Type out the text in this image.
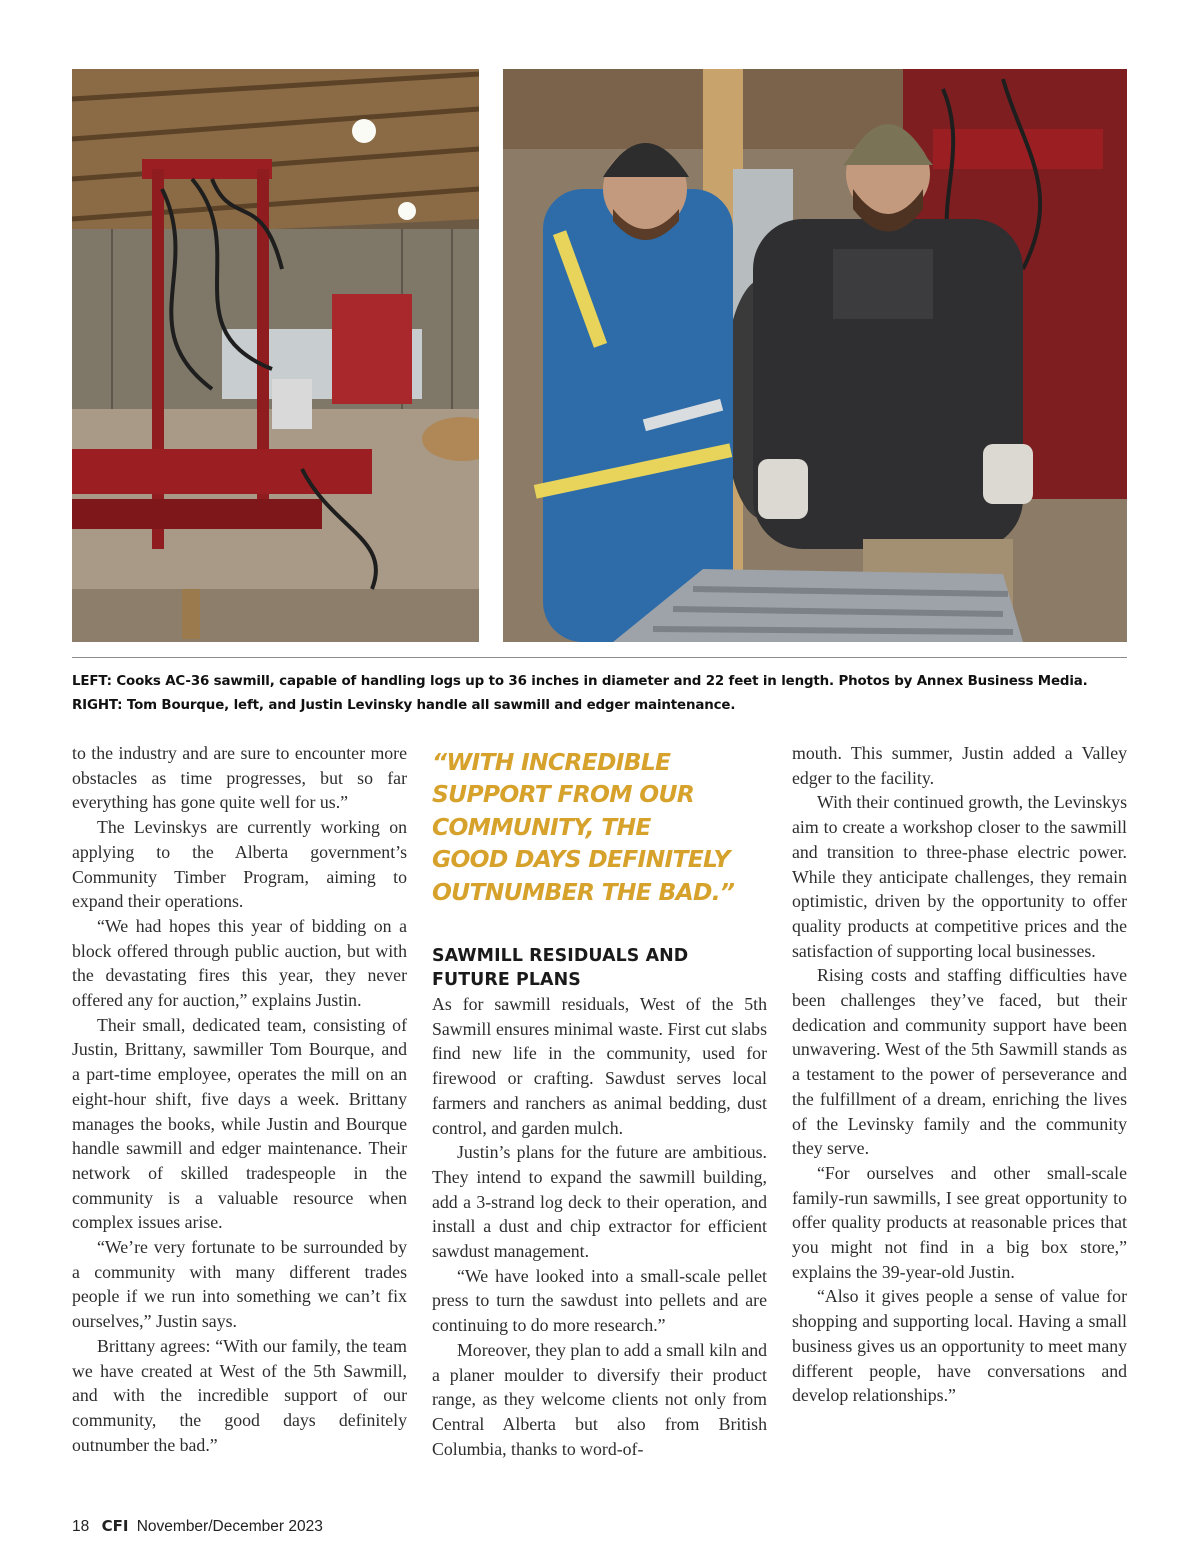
LEFT: Cooks AC-36 sawmill, capable of handling logs up to 36 inches in diameter and 22 feet in length. Photos by Annex Business Media.
RIGHT: Tom Bourque, left, and Justin Levinsky handle all sawmill and edger maintenance.

to the industry and are sure to encounter more obstacles as time progresses, but so far everything has gone quite well for us.”

The Levinskys are currently working on applying to the Alberta government’s Community Timber Program, aiming to expand their operations.

“We had hopes this year of bidding on a block offered through public auction, but with the devastating fires this year, they never offered any for auction,” explains Justin.

Their small, dedicated team, consisting of Justin, Brittany, sawmiller Tom Bourque, and a part-time employee, operates the mill on an eight-hour shift, five days a week. Brittany manages the books, while Justin and Bourque handle sawmill and edger maintenance. Their network of skilled tradespeople in the community is a valuable resource when complex issues arise.

“We’re very fortunate to be surrounded by a community with many different trades people if we run into something we can’t fix ourselves,” Justin says.

Brittany agrees: “With our family, the team we have created at West of the 5th Sawmill, and with the incredible support of our community, the good days definitely outnumber the bad.”

“WITH INCREDIBLE
SUPPORT FROM OUR
COMMUNITY, THE
GOOD DAYS DEFINITELY
OUTNUMBER THE BAD.”
SAWMILL RESIDUALS AND FUTURE PLANS

As for sawmill residuals, West of the 5th Sawmill ensures minimal waste. First cut slabs find new life in the community, used for firewood or crafting. Sawdust serves local farmers and ranchers as animal bedding, dust control, and garden mulch.

Justin’s plans for the future are ambitious. They intend to expand the sawmill building, add a 3-strand log deck to their operation, and install a dust and chip extractor for efficient sawdust management.

“We have looked into a small-scale pellet press to turn the sawdust into pellets and are continuing to do more research.”

Moreover, they plan to add a small kiln and a planer moulder to diversify their product range, as they welcome clients not only from Central Alberta but also from British Columbia, thanks to word-of-

mouth. This summer, Justin added a Valley edger to the facility.

With their continued growth, the Levinskys aim to create a workshop closer to the sawmill and transition to three-phase electric power. While they anticipate challenges, they remain optimistic, driven by the opportunity to offer quality products at competitive prices and the satisfaction of supporting local businesses.

Rising costs and staffing difficulties have been challenges they’ve faced, but their dedication and community support have been unwavering. West of the 5th Sawmill stands as a testament to the power of perseverance and the fulfillment of a dream, enriching the lives of the Levinsky family and the community they serve.

“For ourselves and other small-scale family-run sawmills, I see great opportunity to offer quality products at reasonable prices that you might not find in a big box store,” explains the 39-year-old Justin.

“Also it gives people a sense of value for shopping and supporting local. Having a small business gives us an opportunity to meet many different people, have conversations and develop relationships.”

18 CFI November/December 2023
